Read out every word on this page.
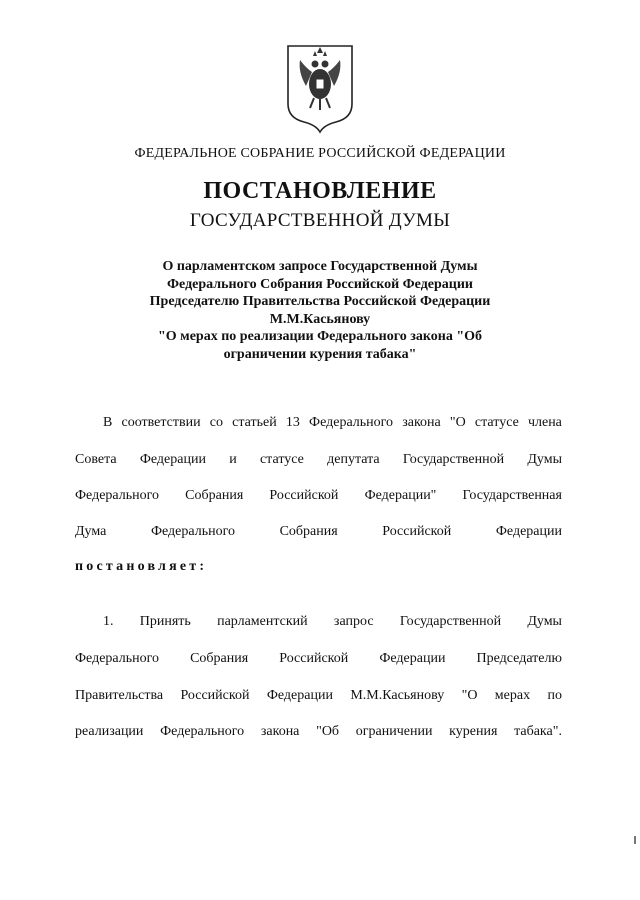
ФЕДЕРАЛЬНОЕ СОБРАНИЕ РОССИЙСКОЙ ФЕДЕРАЦИИ
ПОСТАНОВЛЕНИЕ
ГОСУДАРСТВЕННОЙ ДУМЫ
О парламентском запросе Государственной Думы
Федерального Собрания Российской Федерации
Председателю Правительства Российской Федерации
М.М.Касьянову
"О мерах по реализации Федерального закона "Об
ограничении курения табака"
В соответствии со статьей 13 Федерального закона "О статусе члена
Совета Федерации и статусе депутата Государственной Думы
Федерального Собрания Российской Федерации" Государственная
Дума	Федерального	Собрания	Российской	Федерации
постановляет:
1. Принять парламентский запрос Государственной Думы
Федерального Собрания Российской Федерации Председателю
Правительства Российской Федерации М.М.Касьянову "О мерах по
реализации Федерального закона "Об ограничении курения табака".
